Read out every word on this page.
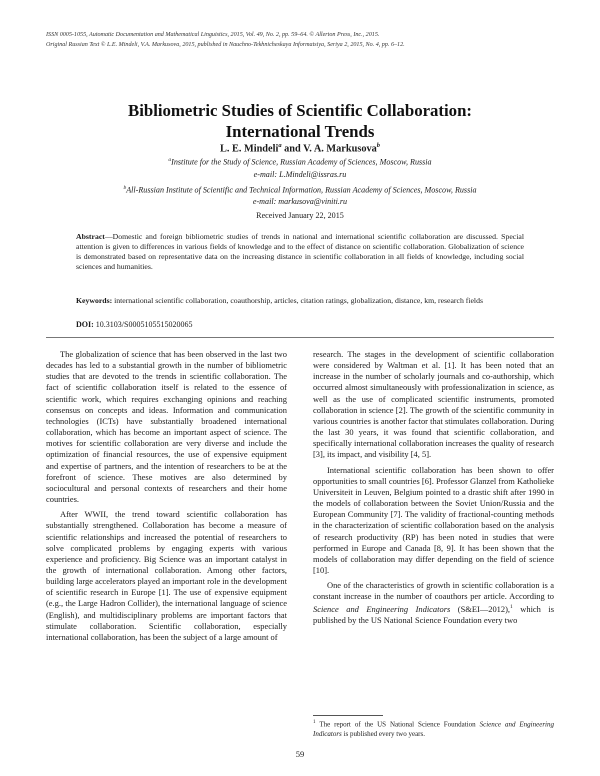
ISSN 0005-1055, Automatic Documentation and Mathematical Linguistics, 2015, Vol. 49, No. 2, pp. 59–64. © Allerton Press, Inc., 2015.
Original Russian Text © L.E. Mindeli, V.A. Markusova, 2015, published in Nauchno-Tekhnicheskaya Informatsiya, Seriya 2, 2015, No. 4, pp. 6–12.
Bibliometric Studies of Scientific Collaboration:
International Trends
L. E. Mindeli$^a$ and V. A. Markusova$^b$
$^a$Institute for the Study of Science, Russian Academy of Sciences, Moscow, Russia
e-mail: L.Mindeli@issras.ru
$^b$All-Russian Institute of Scientific and Technical Information, Russian Academy of Sciences, Moscow, Russia
e-mail: markusova@viniti.ru
Received January 22, 2015
Abstract—Domestic and foreign bibliometric studies of trends in national and international scientific collaboration are discussed. Special attention is given to differences in various fields of knowledge and to the effect of distance on scientific collaboration. Globalization of science is demonstrated based on representative data on the increasing distance in scientific collaboration in all fields of knowledge, including social sciences and humanities.
Keywords: international scientific collaboration, coauthorship, articles, citation ratings, globalization, distance, km, research fields
DOI: 10.3103/S0005105515020065

The globalization of science that has been observed in the last two decades has led to a substantial growth in the number of bibliometric studies that are devoted to the trends in scientific collaboration. The fact of scientific collaboration itself is related to the essence of scientific work, which requires exchanging opinions and reaching consensus on concepts and ideas. Information and communication technologies (ICTs) have substantially broadened international collaboration, which has become an important aspect of science. The motives for scientific collaboration are very diverse and include the optimization of financial resources, the use of expensive equipment and expertise of partners, and the intention of researchers to be at the forefront of science. These motives are also determined by sociocultural and personal contexts of researchers and their home countries.

After WWII, the trend toward scientific collaboration has substantially strengthened. Collaboration has become a measure of scientific relationships and increased the potential of researchers to solve complicated problems by engaging experts with various experience and proficiency. Big Science was an important catalyst in the growth of international collaboration. Among other factors, building large accelerators played an important role in the development of scientific research in Europe [1]. The use of expensive equipment (e.g., the Large Hadron Collider), the international language of science (English), and multidisciplinary problems are important factors that stimulate collaboration. Scientific collaboration, especially international collaboration, has been the subject of a large amount of

research. The stages in the development of scientific collaboration were considered by Waltman et al. [1]. It has been noted that an increase in the number of scholarly journals and co-authorship, which occurred almost simultaneously with professionalization in science, as well as the use of complicated scientific instruments, promoted collaboration in science [2]. The growth of the scientific community in various countries is another factor that stimulates collaboration. During the last 30 years, it was found that scientific collaboration, and specifically international collaboration increases the quality of research [3], its impact, and visibility [4, 5].

International scientific collaboration has been shown to offer opportunities to small countries [6]. Professor Glanzel from Katholieke Universiteit in Leuven, Belgium pointed to a drastic shift after 1990 in the models of collaboration between the Soviet Union/Russia and the European Community [7]. The validity of fractional-counting methods in the characterization of scientific collaboration based on the analysis of research productivity (RP) has been noted in studies that were performed in Europe and Canada [8, 9]. It has been shown that the models of collaboration may differ depending on the field of science [10].

One of the characteristics of growth in scientific collaboration is a constant increase in the number of coauthors per article. According to Science and Engineering Indicators (S&EI—2012),$^1$ which is published by the US National Science Foundation every two

$^1$ The report of the US National Science Foundation Science and Engineering Indicators is published every two years.
59
